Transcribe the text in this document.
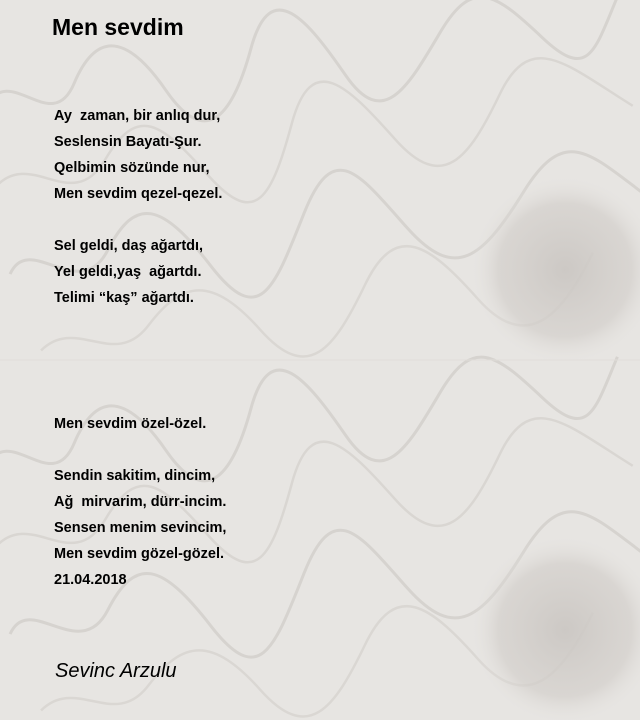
Men sevdim
Ay  zaman, bir anlıq dur,
Seslensin Bayatı-Şur.
Qelbimin sözünde nur,
Men sevdim qezel-qezel.
Sel geldi, daş ağartdı,
Yel geldi,yaş  ağartdı.
Telimi “kaş” ağartdı.
Men sevdim özel-özel.
Sendin sakitim, dincim,
Ağ  mirvarim, dürr-incim.
Sensen menim sevincim,
Men sevdim gözel-gözel.
21.04.2018

Sevinc Arzulu
